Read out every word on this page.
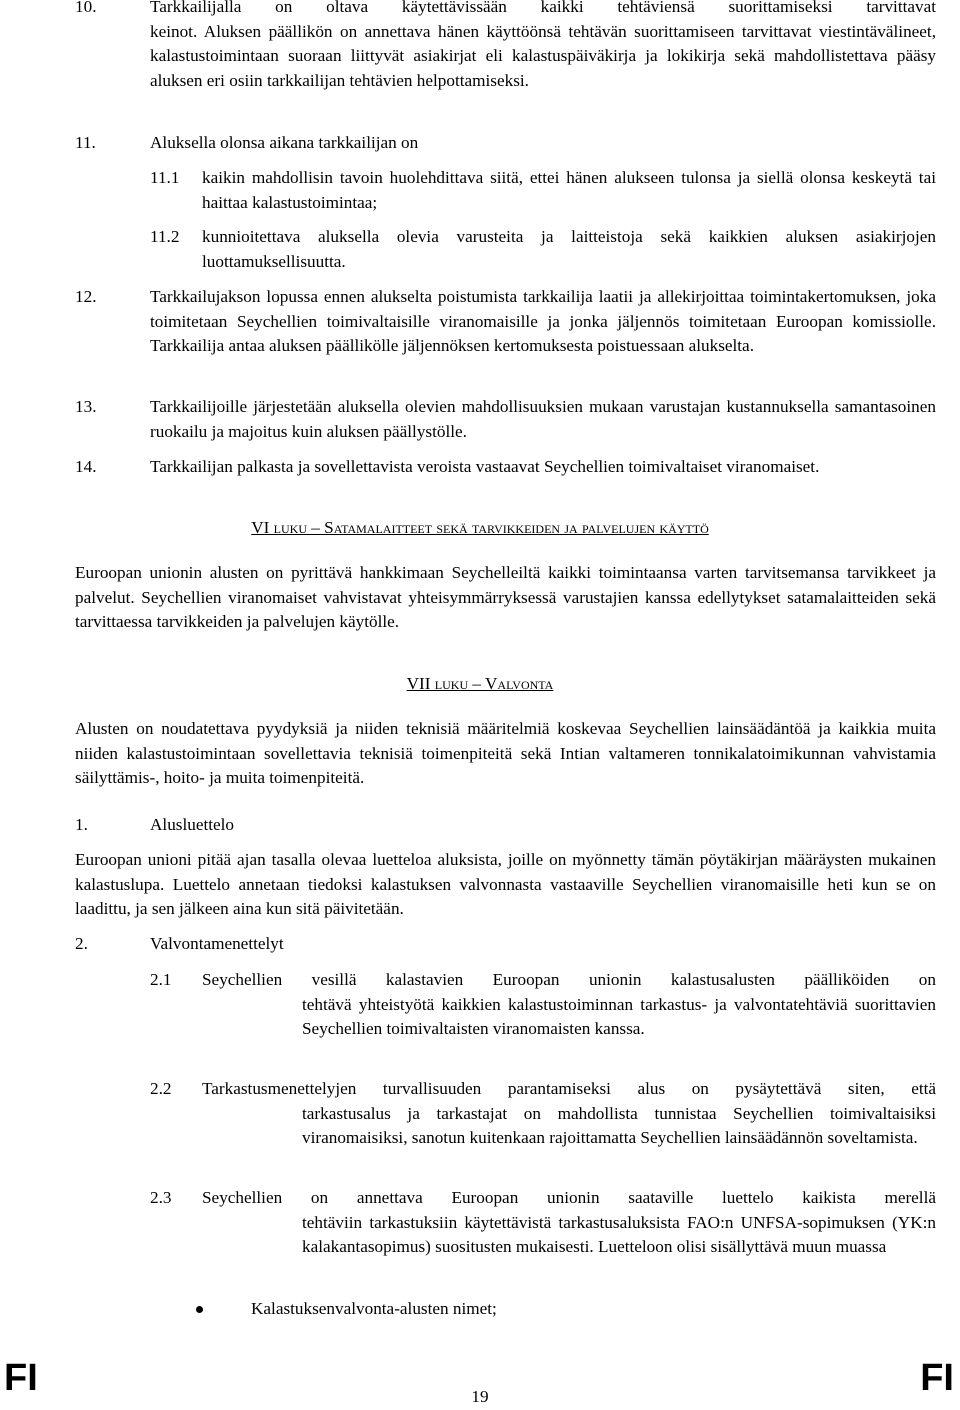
10.	Tarkkailijalla on oltava käytettävissään kaikki tehtäviensä suorittamiseksi tarvittavat
keinot. Aluksen päällikön on annettava hänen käyttöönsä tehtävän suorittamiseen tarvittavat viestintävälineet, kalastustoimintaan suoraan liittyvät asiakirjat eli kalastuspäiväkirja ja lokikirja sekä mahdollistettava pääsy aluksen eri osiin tarkkailijan tehtävien helpottamiseksi.
11.	Aluksella olonsa aikana tarkkailijan on
11.1 kaikin mahdollisin tavoin huolehdittava siitä, ettei hänen alukseen tulonsa ja siellä olonsa keskeytä tai haittaa kalastustoimintaa;
11.2 kunnioitettava aluksella olevia varusteita ja laitteistoja sekä kaikkien aluksen asiakirjojen luottamuksellisuutta.
12.	Tarkkailujakson lopussa ennen alukselta poistumista tarkkailija laatii ja allekirjoittaa toimintakertomuksen, joka toimitetaan Seychellien toimivaltaisille viranomaisille ja jonka jäljennös toimitetaan Euroopan komissiolle. Tarkkailija antaa aluksen päällikölle jäljennöksen kertomuksesta poistuessaan alukselta.
13.	Tarkkailijoille järjestetään aluksella olevien mahdollisuuksien mukaan varustajan kustannuksella samantasoinen ruokailu ja majoitus kuin aluksen päällystölle.
14.	Tarkkailijan palkasta ja sovellettavista veroista vastaavat Seychellien toimivaltaiset viranomaiset.
VI luku – Satamalaitteet sekä tarvikkeiden ja palvelujen käyttö
Euroopan unionin alusten on pyrittävä hankkimaan Seychelleiltä kaikki toimintaansa varten tarvitsemansa tarvikkeet ja palvelut. Seychellien viranomaiset vahvistavat yhteisymmärryksessä varustajien kanssa edellytykset satamalaitteiden sekä tarvittaessa tarvikkeiden ja palvelujen käytölle.
VII luku – Valvonta
Alusten on noudatettava pyydyksiä ja niiden teknisiä määritelmiä koskevaa Seychellien lainsäädäntöä ja kaikkia muita niiden kalastustoimintaan sovellettavia teknisiä toimenpiteitä sekä Intian valtameren tonnikalatoimikunnan vahvistamia säilyttämis-, hoito- ja muita toimenpiteitä.
1.	Alusluettelo
Euroopan unioni pitää ajan tasalla olevaa luetteloa aluksista, joille on myönnetty tämän pöytäkirjan määräysten mukainen kalastuslupa. Luettelo annetaan tiedoksi kalastuksen valvonnasta vastaaville Seychellien viranomaisille heti kun se on laadittu, ja sen jälkeen aina kun sitä päivitetään.
2.	Valvontamenettelyt
2.1 Seychellien vesillä kalastavien Euroopan unionin kalastusalusten päälliköiden on
tehtävä yhteistyötä kaikkien kalastustoiminnan tarkastus- ja valvontatehtäviä suorittavien Seychellien toimivaltaisten viranomaisten kanssa.
2.2 Tarkastusmenettelyjen turvallisuuden parantamiseksi alus on pysäytettävä siten, että
tarkastusalus ja tarkastajat on mahdollista tunnistaa Seychellien toimivaltaisiksi viranomaisiksi, sanotun kuitenkaan rajoittamatta Seychellien lainsäädännön soveltamista.
2.3 Seychellien on annettava Euroopan unionin saataville luettelo kaikista merellä
tehtäviin tarkastuksiin käytettävistä tarkastusaluksista FAO:n UNFSA-sopimuksen (YK:n kalakantasopimus) suositusten mukaisesti. Luetteloon olisi sisällyttävä muun muassa
Kalastuksenvalvonta-alusten nimet;
FI	19	FI
